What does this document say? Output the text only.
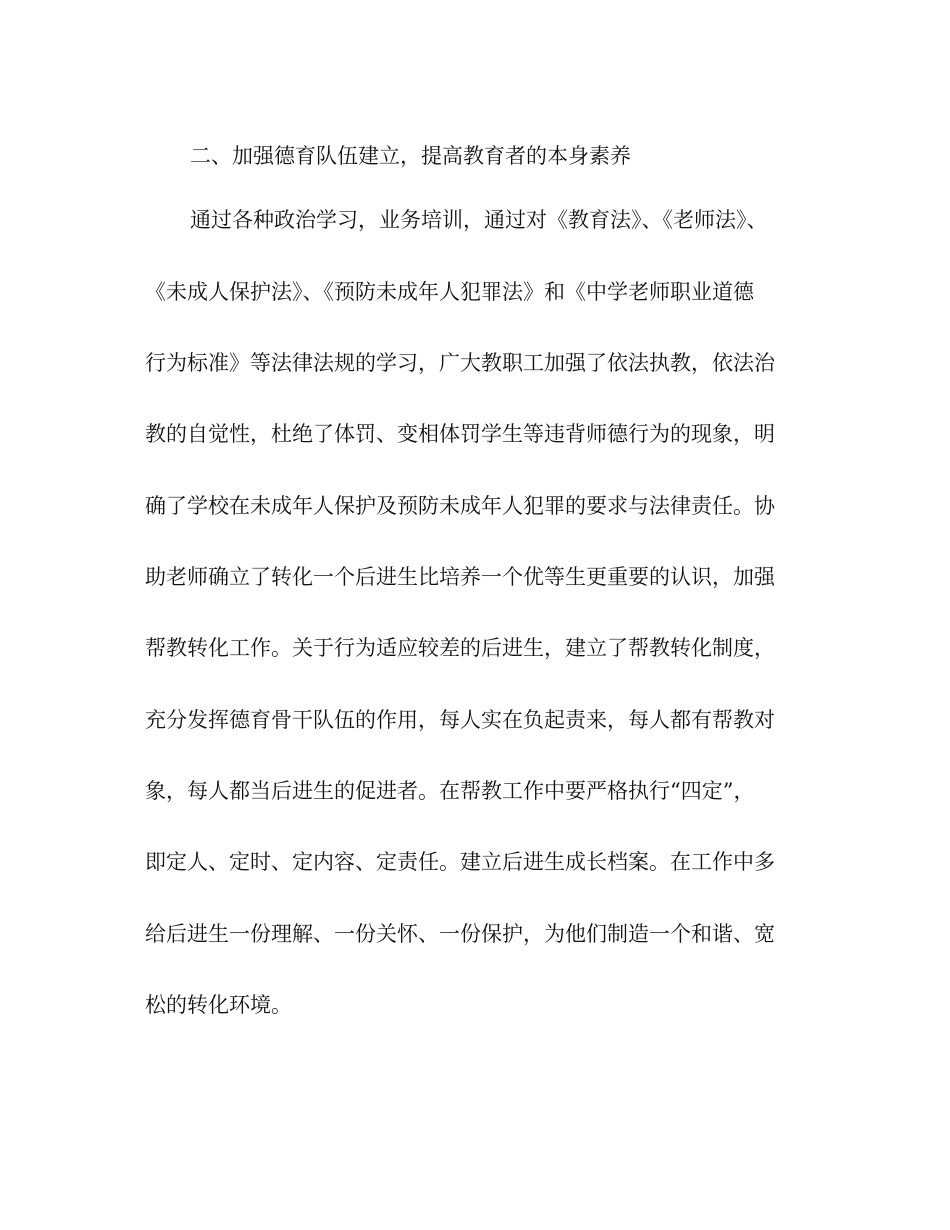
二、加强德育队伍建立，提高教育者的本身素养
通过各种政治学习，业务培训，通过对《教育法》、《老师法》、
《未成人保护法》、《预防未成年人犯罪法》和《中学老师职业道德
行为标准》等法律法规的学习，广大教职工加强了依法执教，依法治
教的自觉性，杜绝了体罚、变相体罚学生等违背师德行为的现象，明
确了学校在未成年人保护及预防未成年人犯罪的要求与法律责任。协
助老师确立了转化一个后进生比培养一个优等生更重要的认识，加强
帮教转化工作。关于行为适应较差的后进生，建立了帮教转化制度，
充分发挥德育骨干队伍的作用，每人实在负起责来，每人都有帮教对
象，每人都当后进生的促进者。在帮教工作中要严格执行“四定”，
即定人、定时、定内容、定责任。建立后进生成长档案。在工作中多
给后进生一份理解、一份关怀、一份保护，为他们制造一个和谐、宽
松的转化环境。
